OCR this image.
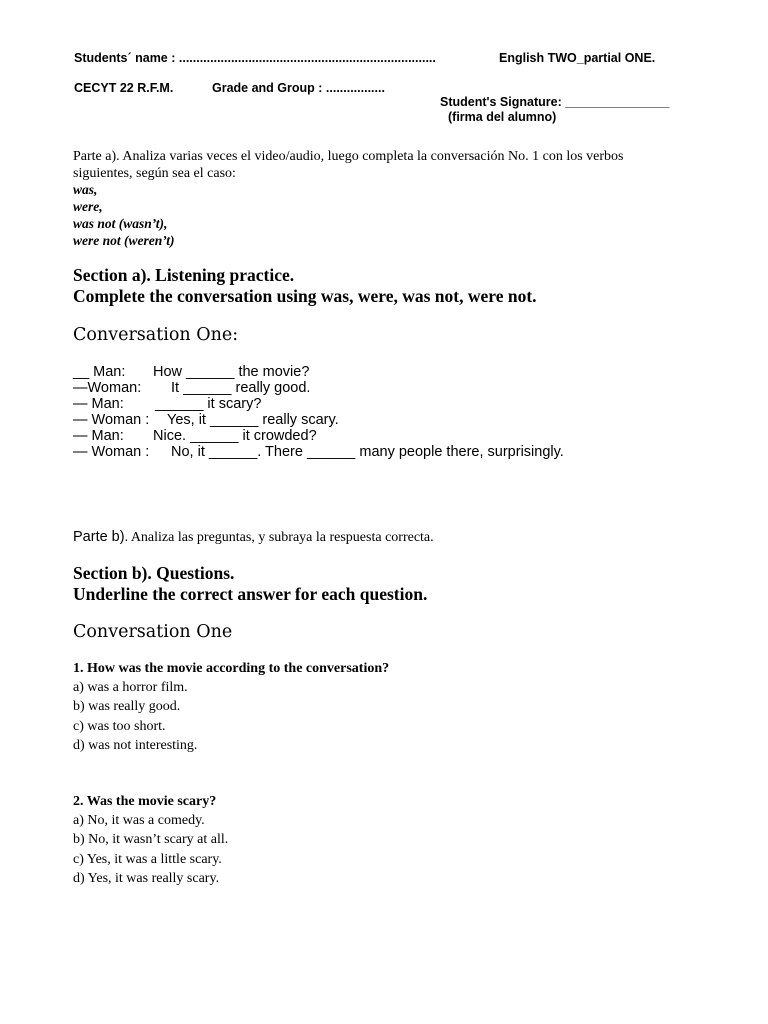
Students´ name : ..........................................................................	English TWO_partial ONE.
CECYT 22 R.F.M.	Grade and Group : .................
Student's Signature: _______________
(firma del alumno)
Parte a). Analiza varias veces el video/audio, luego completa la conversación No. 1 con los verbos
siguientes, según sea el caso:
was,
were,
was not (wasn’t),
were not (weren’t)
Section a). Listening practice.
Complete the conversation using was, were, was not, were not.
Conversation One:
__ Man: How ______ the movie?
—Woman: It ______ really good.
— Man: ______ it scary?
— Woman : Yes, it ______ really scary.
— Man: Nice. ______ it crowded?
— Woman : No, it ______. There ______ many people there, surprisingly.
Parte b). Analiza las preguntas, y subraya la respuesta correcta.
Section b). Questions.
Underline the correct answer for each question.
Conversation One
1. How was the movie according to the conversation?
a) was a horror film.
b) was really good.
c) was too short.
d) was not interesting.
2. Was the movie scary?
a) No, it was a comedy.
b) No, it wasn’t scary at all.
c) Yes, it was a little scary.
d) Yes, it was really scary.
